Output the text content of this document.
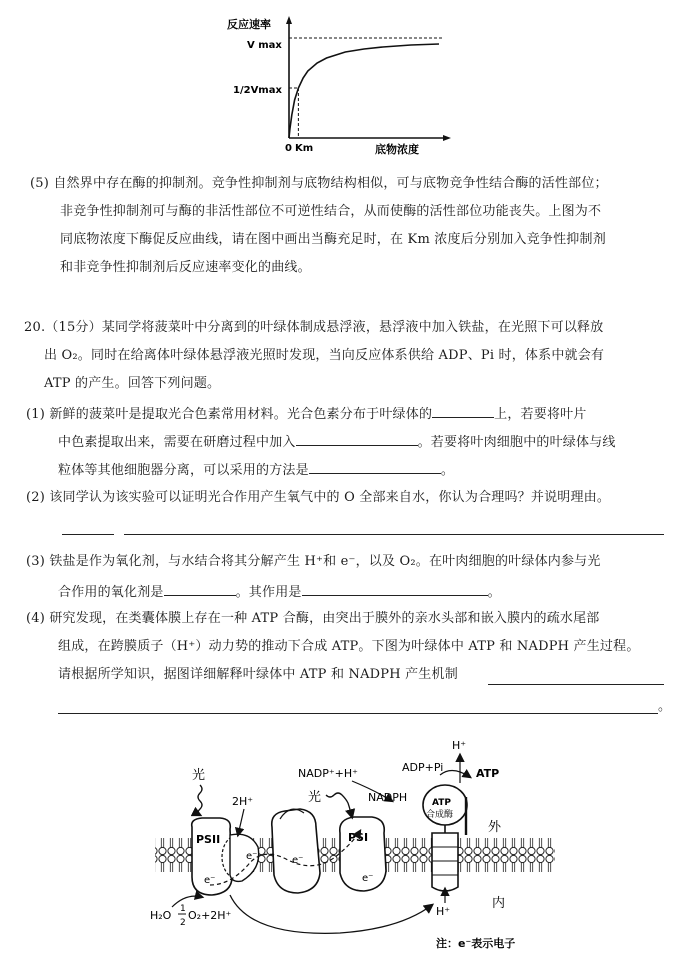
反应速率
V max
1/2Vmax
0 Km	底物浓度
(5) 自然界中存在酶的抑制剂。竞争性抑制剂与底物结构相似，可与底物竞争性结合酶的活性部位；
非竞争性抑制剂可与酶的非活性部位不可逆性结合，从而使酶的活性部位功能丧失。上图为不
同底物浓度下酶促反应曲线，请在图中画出当酶充足时，在 Km 浓度后分别加入竞争性抑制剂
和非竞争性抑制剂后反应速率变化的曲线。
20.（15分）某同学将菠菜叶中分离到的叶绿体制成悬浮液，悬浮液中加入铁盐，在光照下可以释放
出 O₂。同时在给离体叶绿体悬浮液光照时发现，当向反应体系供给 ADP、Pi 时，体系中就会有
ATP 的产生。回答下列问题。
(1) 新鲜的菠菜叶是提取光合色素常用材料。光合色素分布于叶绿体的	上，若要将叶片
中色素提取出来，需要在研磨过程中加入	。若要将叶肉细胞中的叶绿体与线
粒体等其他细胞器分离，可以采用的方法是	。
(2) 该同学认为该实验可以证明光合作用产生氧气中的 O 全部来自水，你认为合理吗？并说明理由。
(3) 铁盐是作为氧化剂，与水结合将其分解产生 H⁺和 e⁻，以及 O₂。在叶肉细胞的叶绿体内参与光
合作用的氧化剂是	。其作用是	。
(4) 研究发现，在类囊体膜上存在一种 ATP 合酶，由突出于膜外的亲水头部和嵌入膜内的疏水尾部
组成，在跨膜质子（H⁺）动力势的推动下合成 ATP。下图为叶绿体中 ATP 和 NADPH 产生过程。
请根据所学知识，据图详细解释叶绿体中 ATP 和 NADPH 产生机制
。
PSII	PSI
ATP
合成酶
光
光
2H⁺
NADP⁺+H⁺
NADPH
ADP+Pi	ATP
H⁺
外
内
e⁻
e⁻	e⁻
e⁻
H₂O 1
2
O₂+2H⁺	H⁺
注：e⁻表示电子
